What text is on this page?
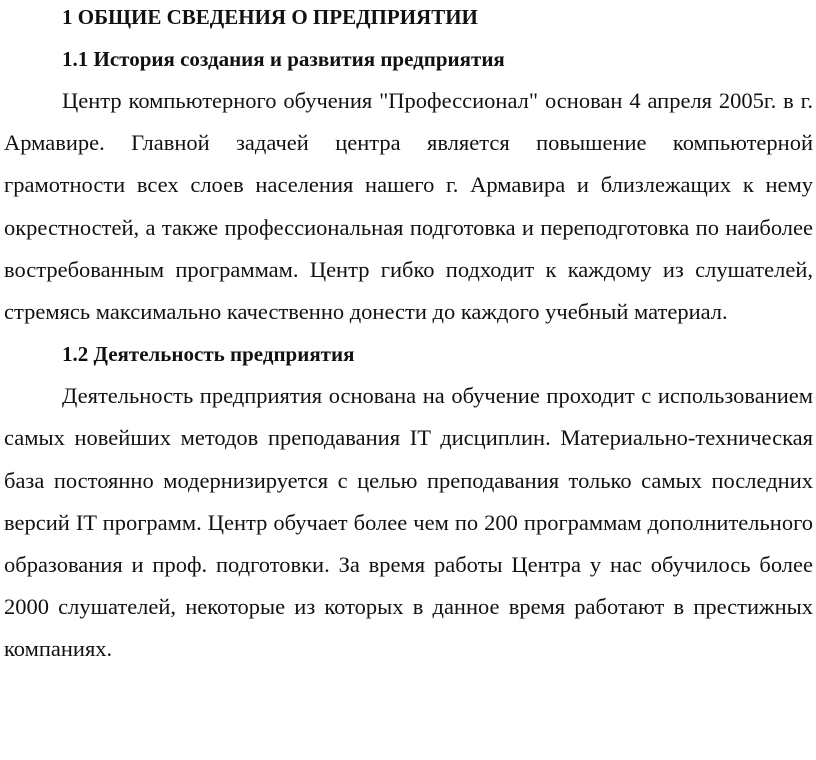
1 ОБЩИЕ СВЕДЕНИЯ О ПРЕДПРИЯТИИ
1.1 История создания и развития предприятия

Центр компьютерного обучения "Профессионал" основан 4 апреля 2005г. в г. Армавире. Главной задачей центра является повышение компьютерной грамотности всех слоев населения нашего г. Армавира и близлежащих к нему окрестностей, а также профессиональная подготовка и переподготовка по наиболее востребованным программам. Центр гибко подходит к каждому из слушателей, стремясь максимально качественно донести до каждого учебный материал.

1.2 Деятельность предприятия

Деятельность предприятия основана на обучение проходит с использованием самых новейших методов преподавания IT дисциплин. Материально-техническая база постоянно модернизируется с целью преподавания только самых последних версий IT программ. Центр обучает более чем по 200 программам дополнительного образования и проф. подготовки. За время работы Центра у нас обучилось более 2000 слушателей, некоторые из которых в данное время работают в престижных компаниях.
